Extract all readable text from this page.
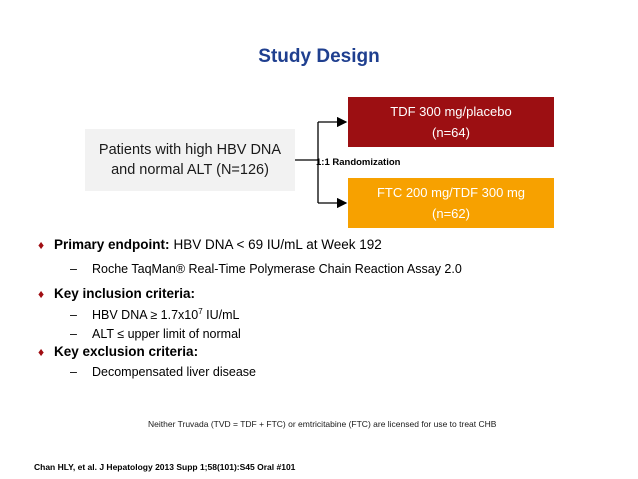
Study Design
Patients with high HBV DNA
and normal ALT (N=126)	1:1 Randomization
TDF 300 mg/placebo
(n=64)
FTC 200 mg/TDF 300 mg
(n=62)
♦ Primary endpoint: HBV DNA < 69 IU/mL at Week 192
–	Roche TaqMan® Real-Time Polymerase Chain Reaction Assay 2.0
♦ Key inclusion criteria:
–	HBV DNA ≥ $1.7x10^7$ IU/mL
–	ALT ≤ upper limit of normal
♦ Key exclusion criteria:
–	Decompensated liver disease
Neither Truvada (TVD = TDF + FTC) or emtricitabine (FTC) are licensed for use to treat CHB
Chan HLY, et al. J Hepatology 2013 Supp 1;58(101):S45 Oral #101
